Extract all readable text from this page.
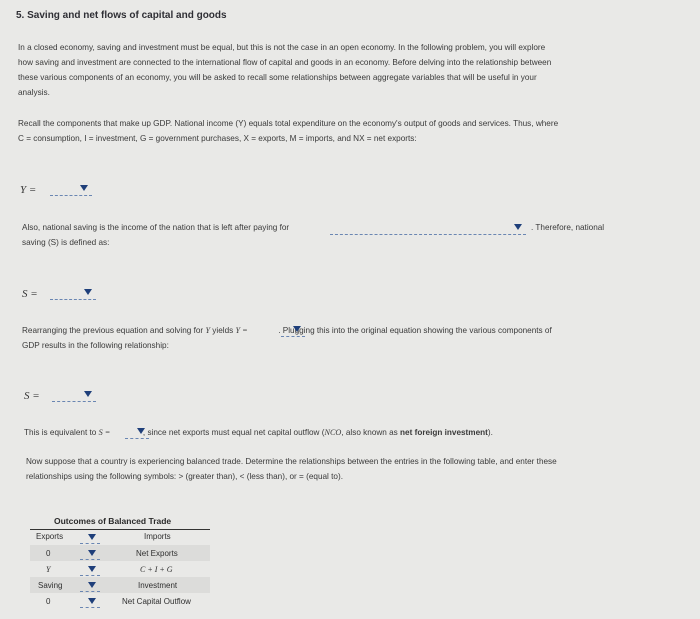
5. Saving and net flows of capital and goods
In a closed economy, saving and investment must be equal, but this is not the case in an open economy. In the following problem, you will explore
how saving and investment are connected to the international flow of capital and goods in an economy. Before delving into the relationship between
these various components of an economy, you will be asked to recall some relationships between aggregate variables that will be useful in your
analysis.
Recall the components that make up GDP. National income (Y) equals total expenditure on the economy's output of goods and services. Thus, where
C = consumption, I = investment, G = government purchases, X = exports, M = imports, and NX = net exports:
Y =
Also, national saving is the income of the nation that is left after paying for	. Therefore, national
saving (S) is defined as:
S =
Rearranging the previous equation and solving for Y yields Y =	. Plugging this into the original equation showing the various components of
GDP results in the following relationship:
S =
This is equivalent to S =	, since net exports must equal net capital outflow (NCO, also known as net foreign investment).
Now suppose that a country is experiencing balanced trade. Determine the relationships between the entries in the following table, and enter these
relationships using the following symbols: > (greater than), < (less than), or = (equal to).
Outcomes of Balanced Trade
Exports	Imports
0	Net Exports
Y	C + I + G
Saving	Investment
0	Net Capital Outflow
